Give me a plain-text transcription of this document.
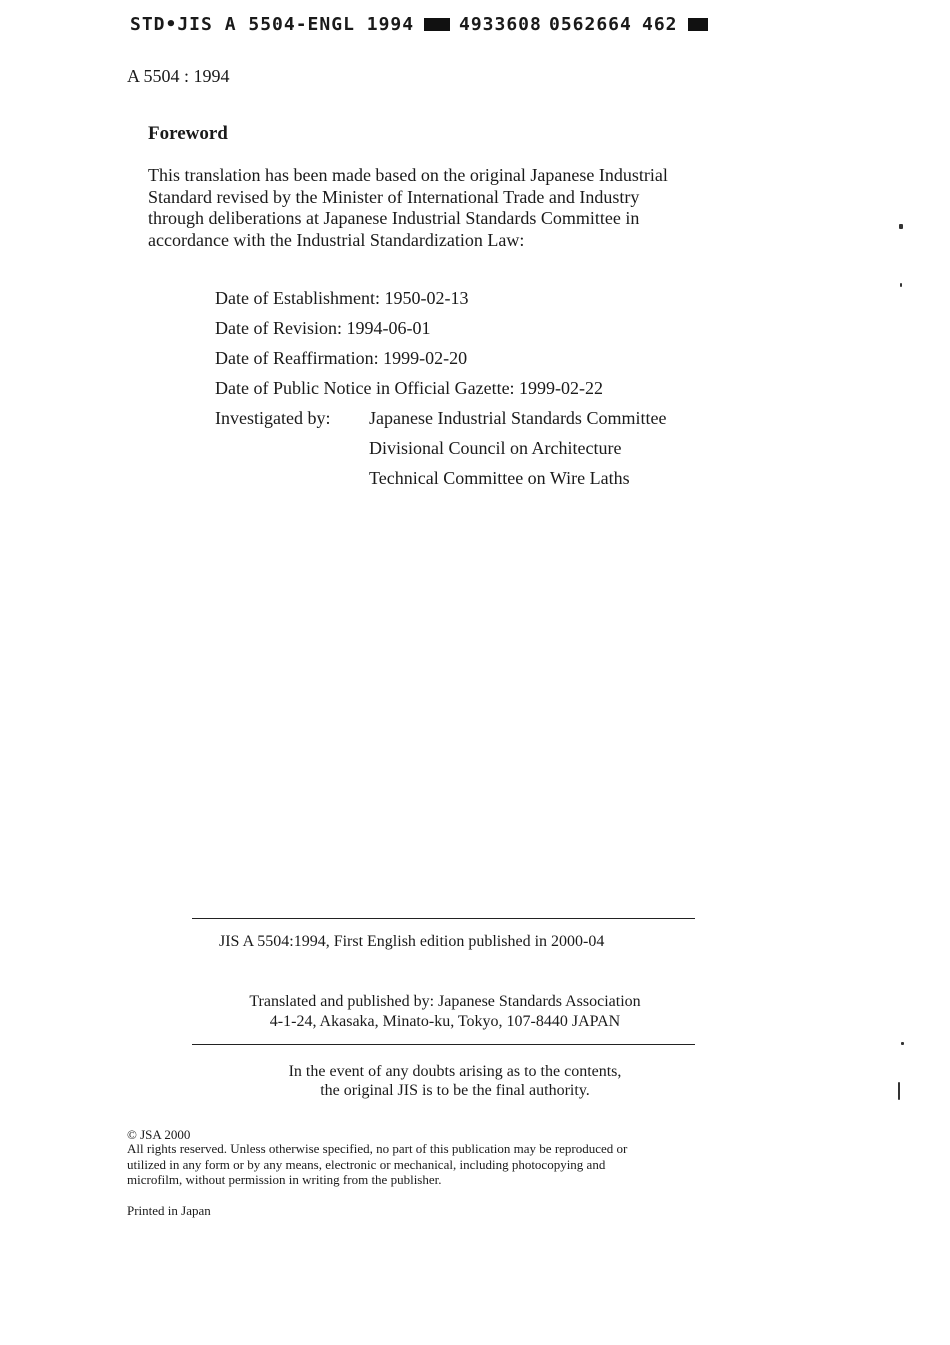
STD•JIS A 5504-ENGL 1994 4933608 0562664 462
A 5504 : 1994
Foreword
This translation has been made based on the original Japanese Industrial
Standard revised by the Minister of International Trade and Industry
through deliberations at Japanese Industrial Standards Committee in
accordance with the Industrial Standardization Law:
Date of Establishment: 1950-02-13
Date of Revision: 1994-06-01
Date of Reaffirmation: 1999-02-20
Date of Public Notice in Official Gazette: 1999-02-22
Investigated by: Japanese Industrial Standards Committee
Divisional Council on Architecture
Technical Committee on Wire Laths
JIS A 5504:1994, First English edition published in 2000-04
Translated and published by: Japanese Standards Association
4-1-24, Akasaka, Minato-ku, Tokyo, 107-8440 JAPAN
In the event of any doubts arising as to the contents,
the original JIS is to be the final authority.
© JSA 2000
All rights reserved. Unless otherwise specified, no part of this publication may be reproduced or
utilized in any form or by any means, electronic or mechanical, including photocopying and
microfilm, without permission in writing from the publisher.
Printed in Japan
